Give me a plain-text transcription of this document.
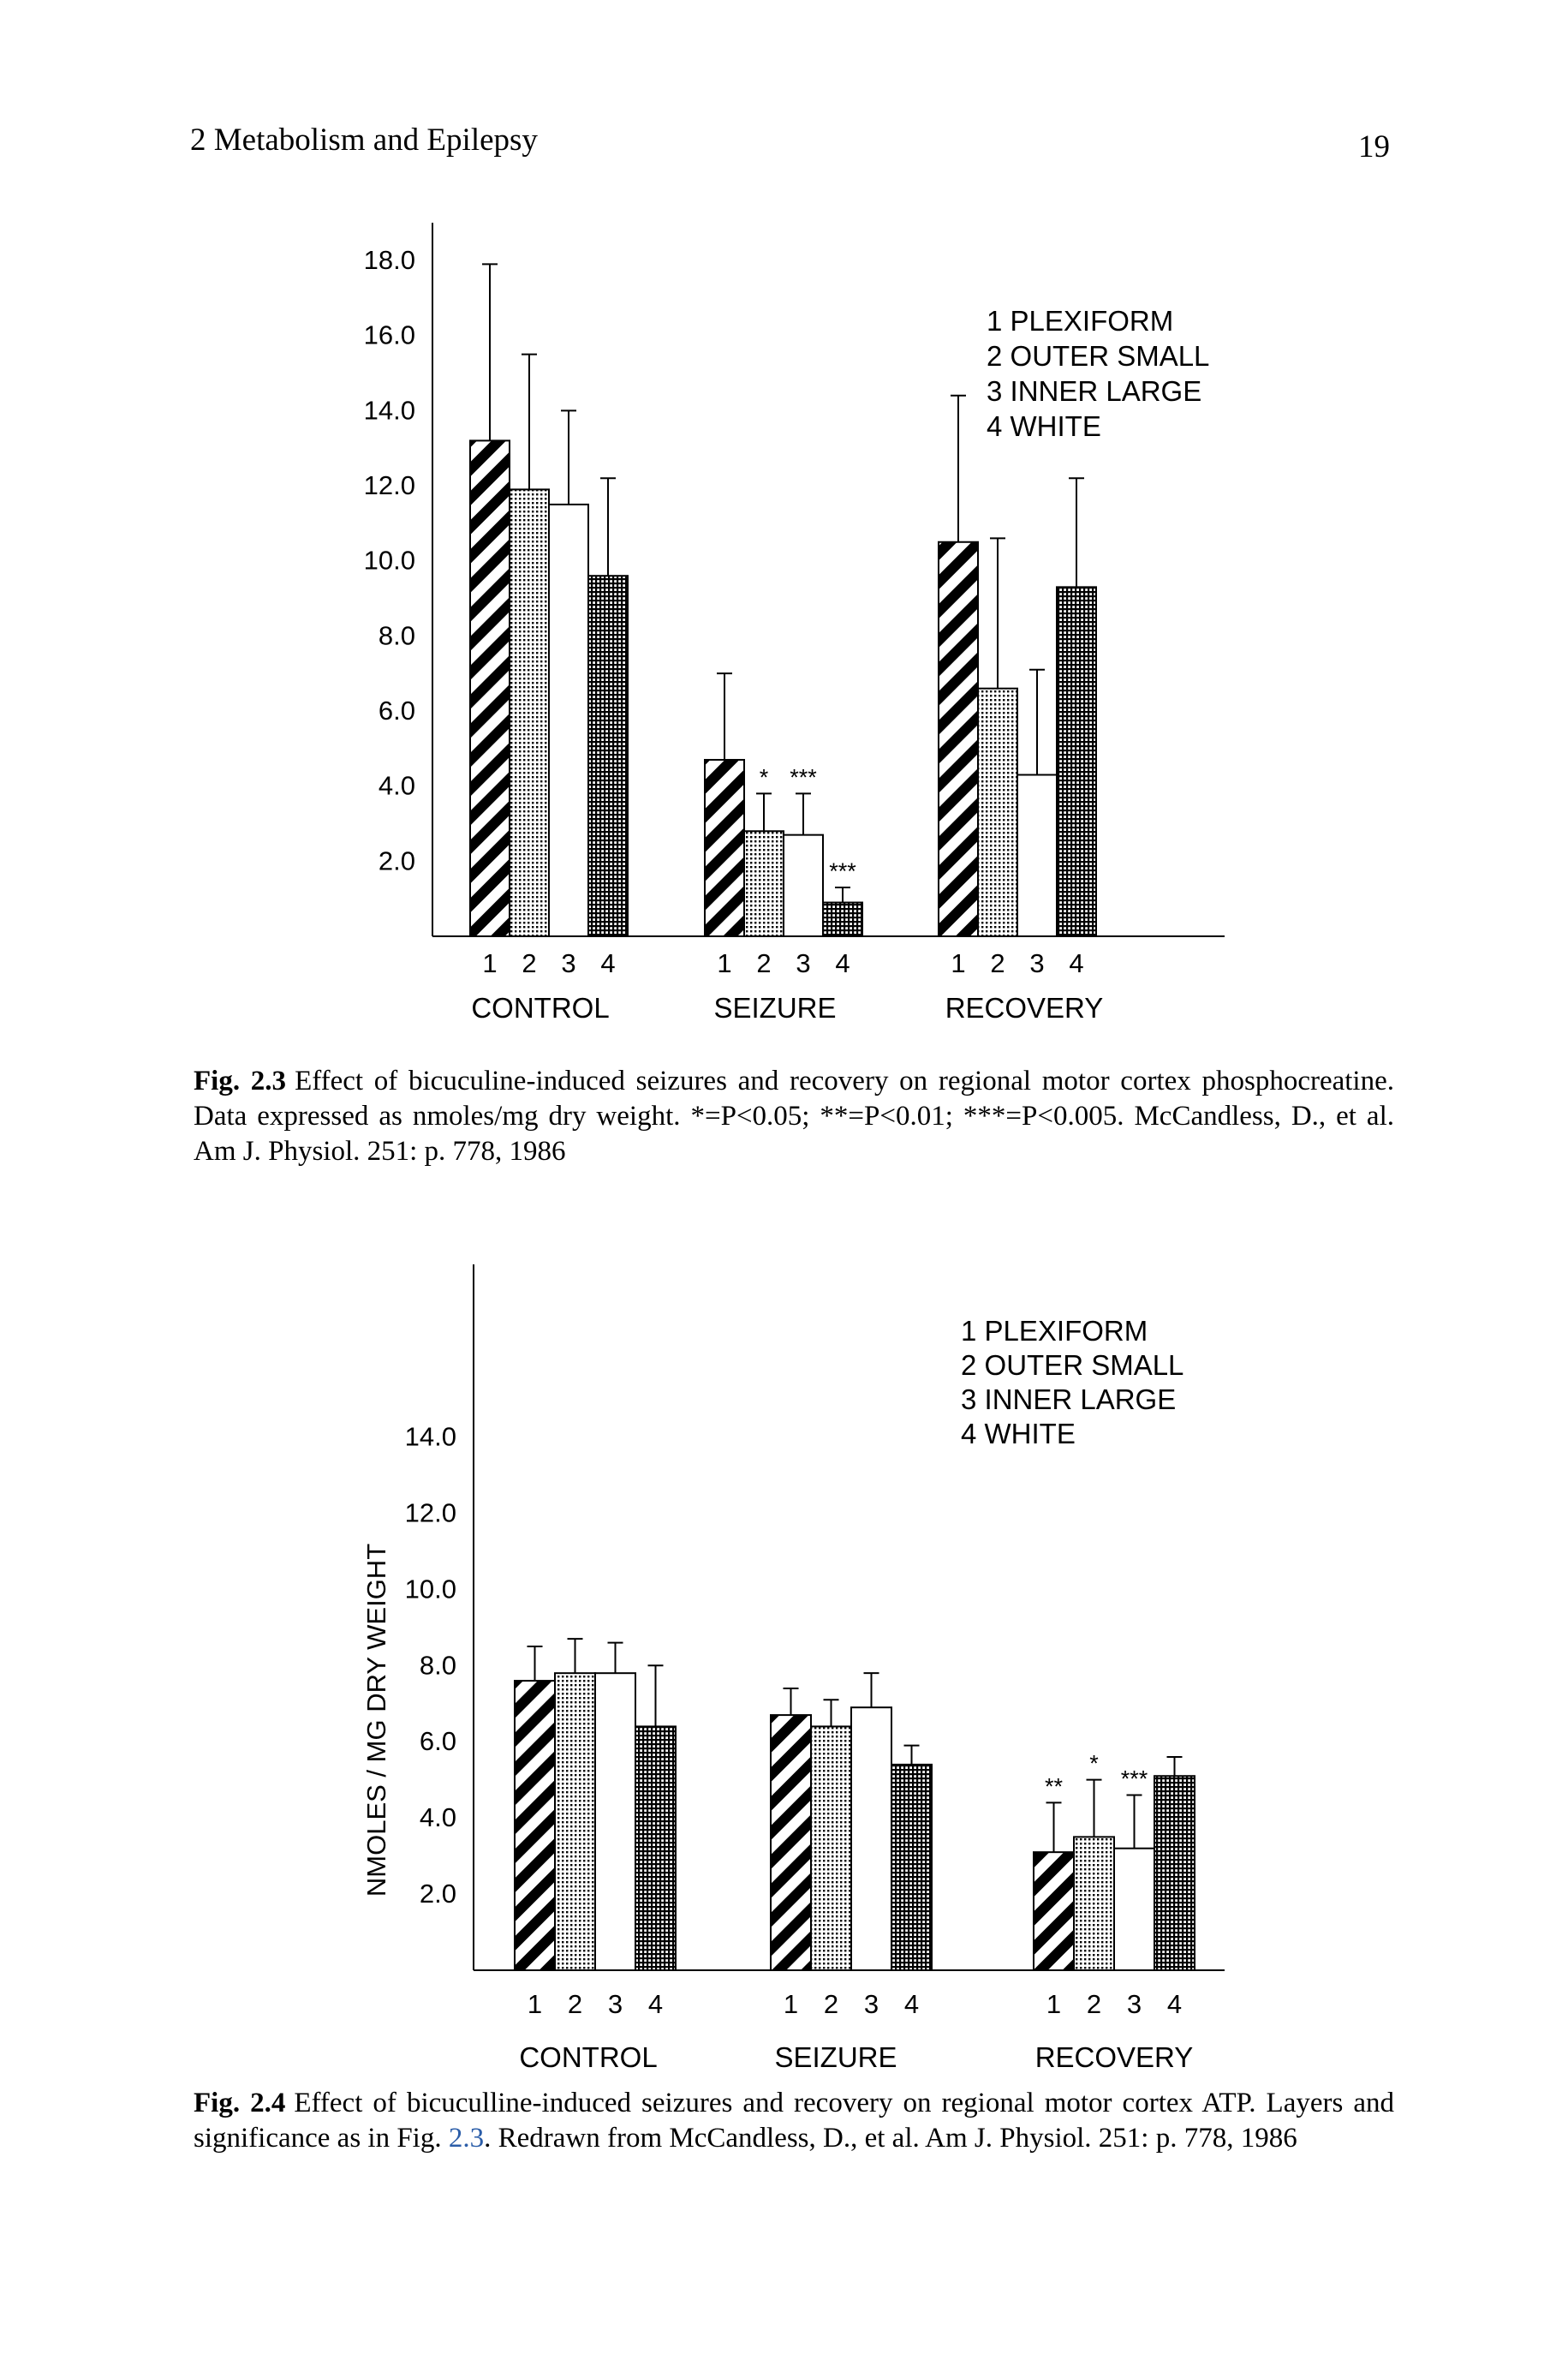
2 Metabolism and Epilepsy	19
2.0
4.0
6.0
8.0
10.0
12.0
14.0
16.0
18.0
1 2 3 4
CONTROL
1
*
2
***
3
***
4
SEIZURE
1 2 3 4
RECOVERY
1 PLEXIFORM
2 OUTER SMALL
3 INNER LARGE
4 WHITE
Fig. 2.3 Effect of bicuculine-induced seizures and recovery on regional motor cortex phosphocreatine. Data expressed as nmoles/mg dry weight. *=P<0.05; **=P<0.01; ***=P<0.005. McCandless, D., et al. Am J. Physiol. 251: p. 778, 1986
2.0
4.0
6.0
8.0
10.0
12.0
14.0
NMOLES / MG DRY WEIGHT
1 2 3 4
CONTROL
1 2 3 4
SEIZURE
**
1
*
2
***
3 4
RECOVERY
1 PLEXIFORM
2 OUTER SMALL
3 INNER LARGE
4 WHITE
Fig. 2.4 Effect of bicuculline-induced seizures and recovery on regional motor cortex ATP. Layers and significance as in Fig. 2.3. Redrawn from McCandless, D., et al. Am J. Physiol. 251: p. 778, 1986
